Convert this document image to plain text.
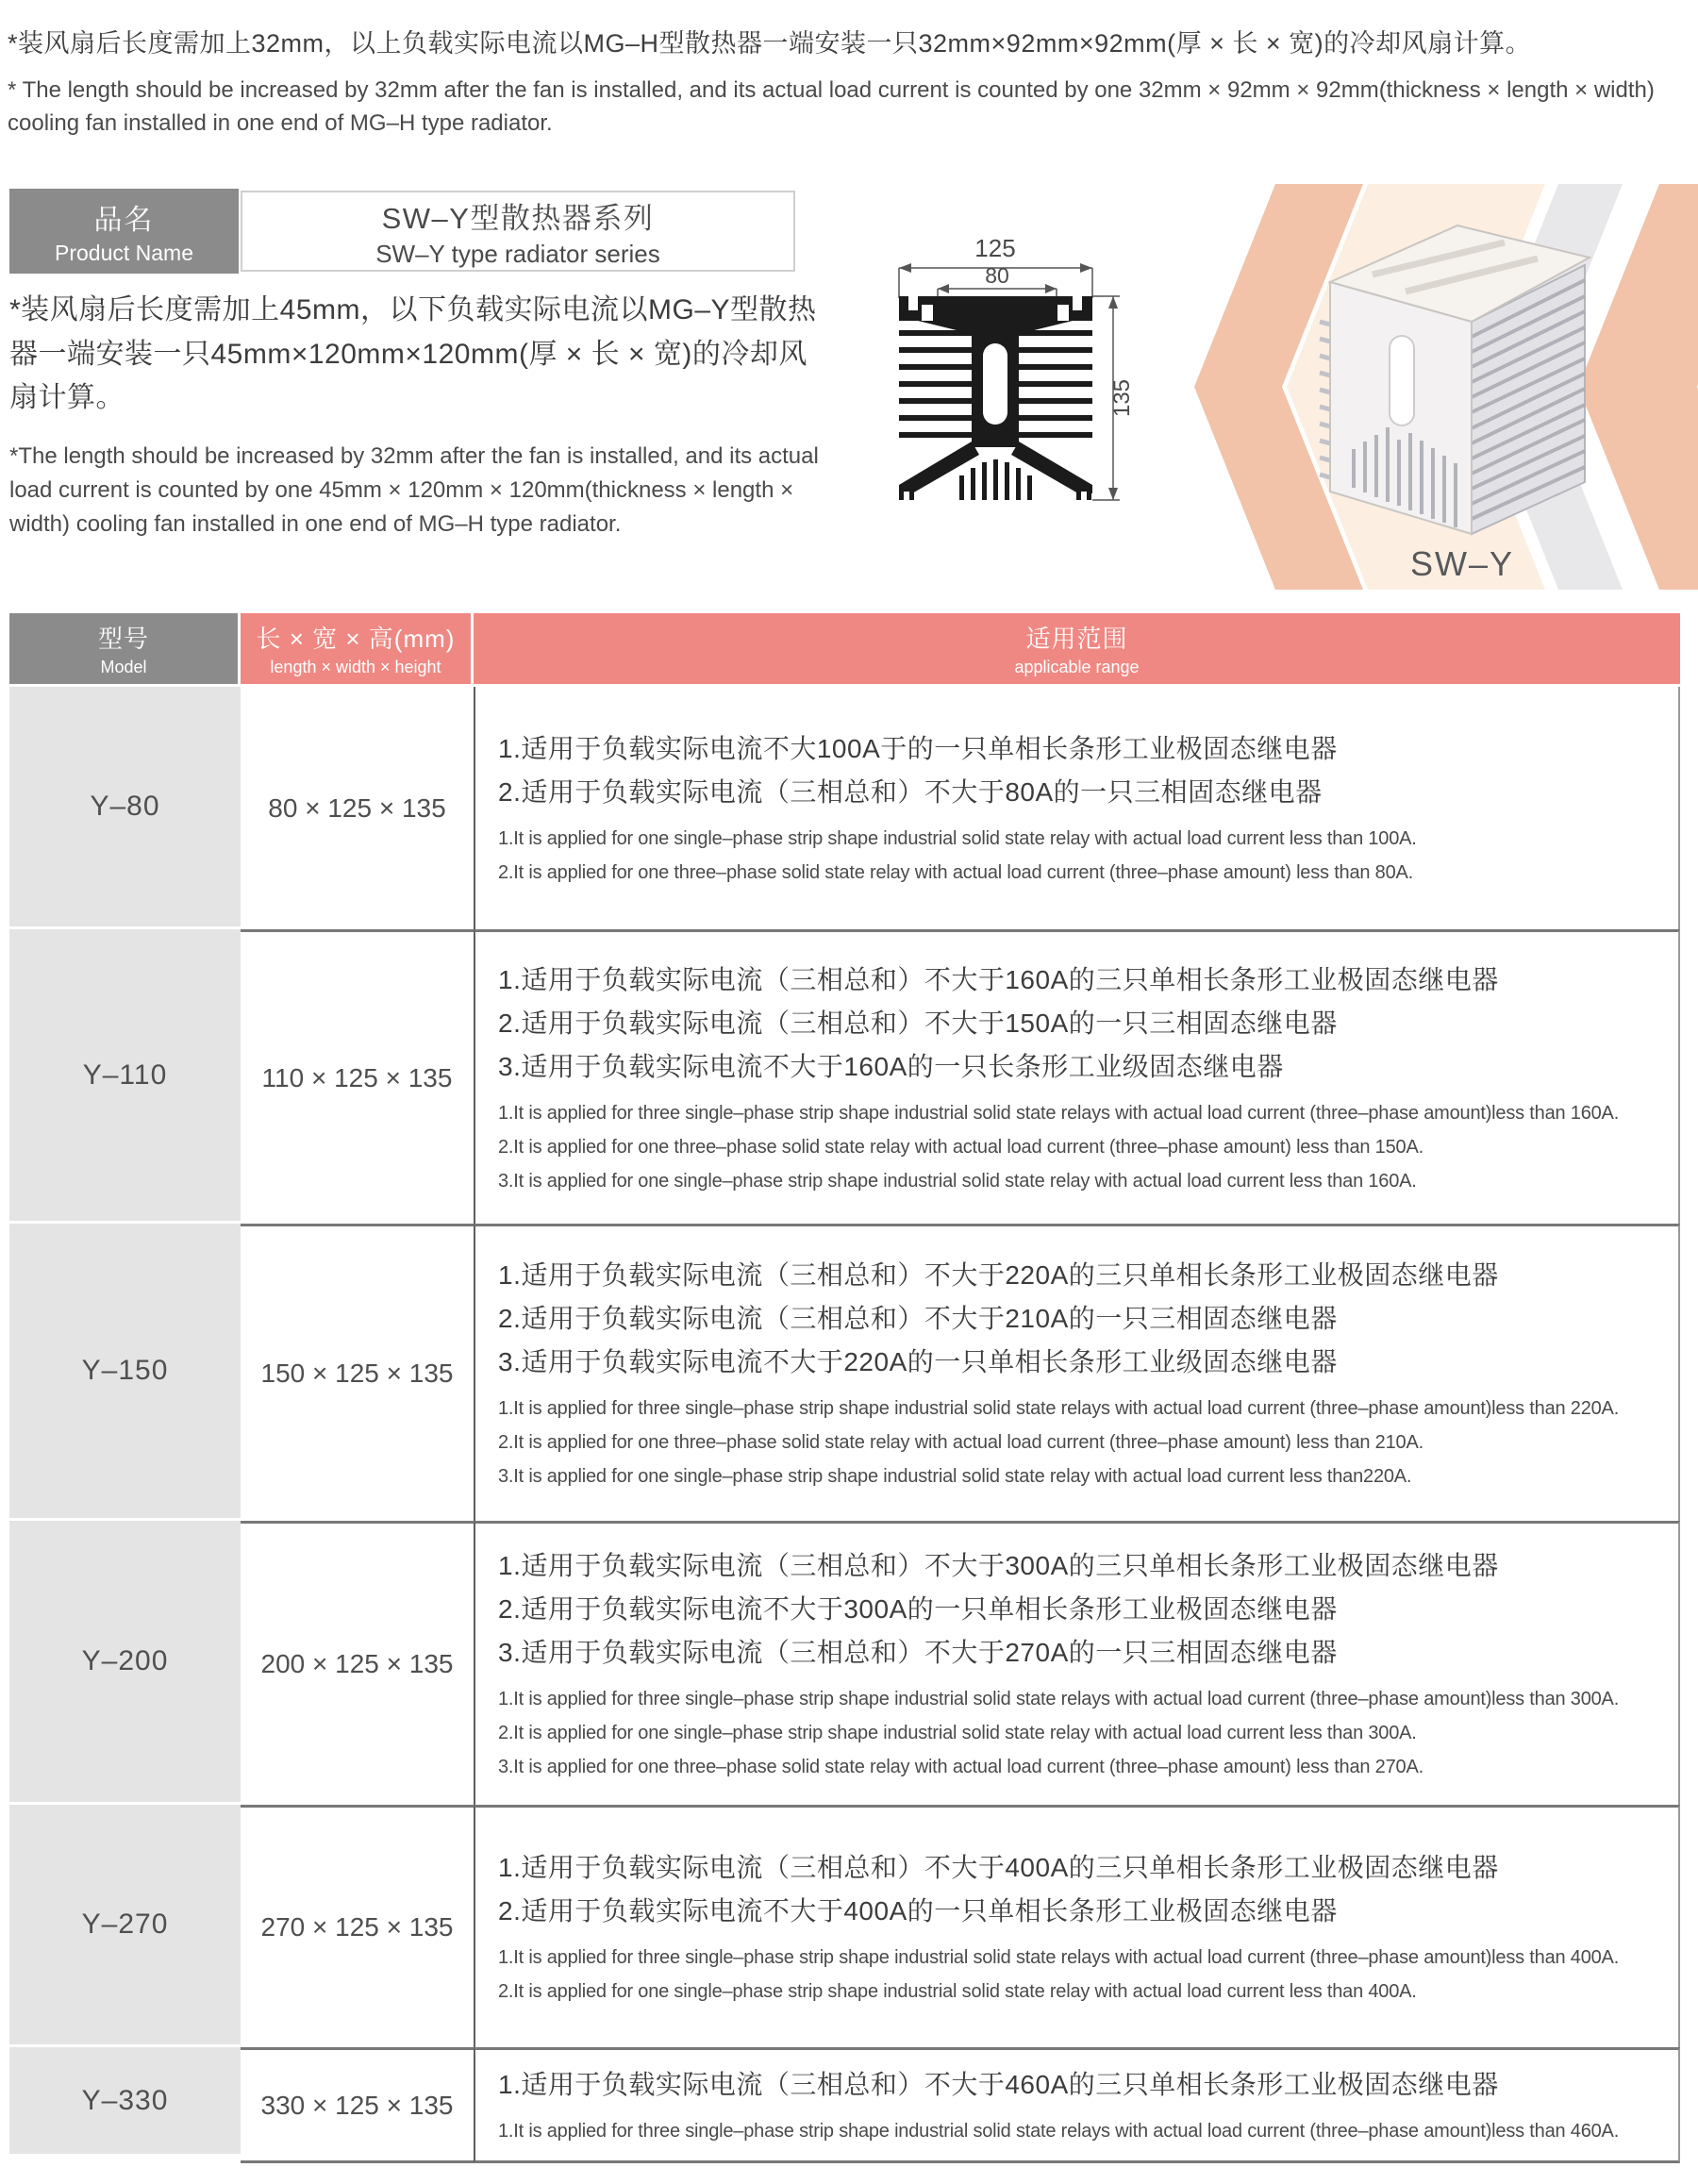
*装风扇后长度需加上32mm，以上负载实际电流以MG–H型散热器一端安装一只32mm×92mm×92mm(厚 × 长 × 宽)的冷却风扇计算。
* The length should be increased by 32mm after the fan is installed, and its actual load current is counted by one 32mm × 92mm × 92mm(thickness × length × width) cooling fan installed in one end of MG–H type radiator.
品名
Product Name
SW–Y型散热器系列
SW–Y type radiator series
*装风扇后长度需加上45mm，以下负载实际电流以MG–Y型散热器一端安装一只45mm×120mm×120mm(厚 × 长 × 宽)的冷却风扇计算。
*The length should be increased by 32mm after the fan is installed, and its actual load current is counted by one 45mm × 120mm × 120mm(thickness × length × width) cooling fan installed in one end of MG–H type radiator.
125
80
135
SW–Y
型号
Model
长 × 宽 × 高(mm)
length × width × height
适用范围
applicable range
Y–80	80 × 125 × 135
1.适用于负载实际电流不大100A于的一只单相长条形工业极固态继电器
2.适用于负载实际电流（三相总和）不大于80A的一只三相固态继电器
1.It is applied for one single–phase strip shape industrial solid state relay with actual load current less than 100A.
2.It is applied for one three–phase solid state relay with actual load current (three–phase amount) less than 80A.
Y–110	110 × 125 × 135
1.适用于负载实际电流（三相总和）不大于160A的三只单相长条形工业极固态继电器
2.适用于负载实际电流（三相总和）不大于150A的一只三相固态继电器
3.适用于负载实际电流不大于160A的一只长条形工业级固态继电器
1.It is applied for three single–phase strip shape industrial solid state relays with actual load current (three–phase amount)less than 160A.
2.It is applied for one three–phase solid state relay with actual load current (three–phase amount) less than 150A.
3.It is applied for one single–phase strip shape industrial solid state relay with actual load current less than 160A.
Y–150	150 × 125 × 135
1.适用于负载实际电流（三相总和）不大于220A的三只单相长条形工业极固态继电器
2.适用于负载实际电流（三相总和）不大于210A的一只三相固态继电器
3.适用于负载实际电流不大于220A的一只单相长条形工业级固态继电器
1.It is applied for three single–phase strip shape industrial solid state relays with actual load current (three–phase amount)less than 220A.
2.It is applied for one three–phase solid state relay with actual load current (three–phase amount) less than 210A.
3.It is applied for one single–phase strip shape industrial solid state relay with actual load current less than220A.
Y–200	200 × 125 × 135
1.适用于负载实际电流（三相总和）不大于300A的三只单相长条形工业极固态继电器
2.适用于负载实际电流不大于300A的一只单相长条形工业极固态继电器
3.适用于负载实际电流（三相总和）不大于270A的一只三相固态继电器
1.It is applied for three single–phase strip shape industrial solid state relays with actual load current (three–phase amount)less than 300A.
2.It is applied for one single–phase strip shape industrial solid state relay with actual load current less than 300A.
3.It is applied for one three–phase solid state relay with actual load current (three–phase amount) less than 270A.
Y–270	270 × 125 × 135
1.适用于负载实际电流（三相总和）不大于400A的三只单相长条形工业极固态继电器
2.适用于负载实际电流不大于400A的一只单相长条形工业极固态继电器
1.It is applied for three single–phase strip shape industrial solid state relays with actual load current (three–phase amount)less than 400A.
2.It is applied for one single–phase strip shape industrial solid state relay with actual load current less than 400A.
Y–330	330 × 125 × 135
1.适用于负载实际电流（三相总和）不大于460A的三只单相长条形工业极固态继电器
1.It is applied for three single–phase strip shape industrial solid state relays with actual load current (three–phase amount)less than 460A.
